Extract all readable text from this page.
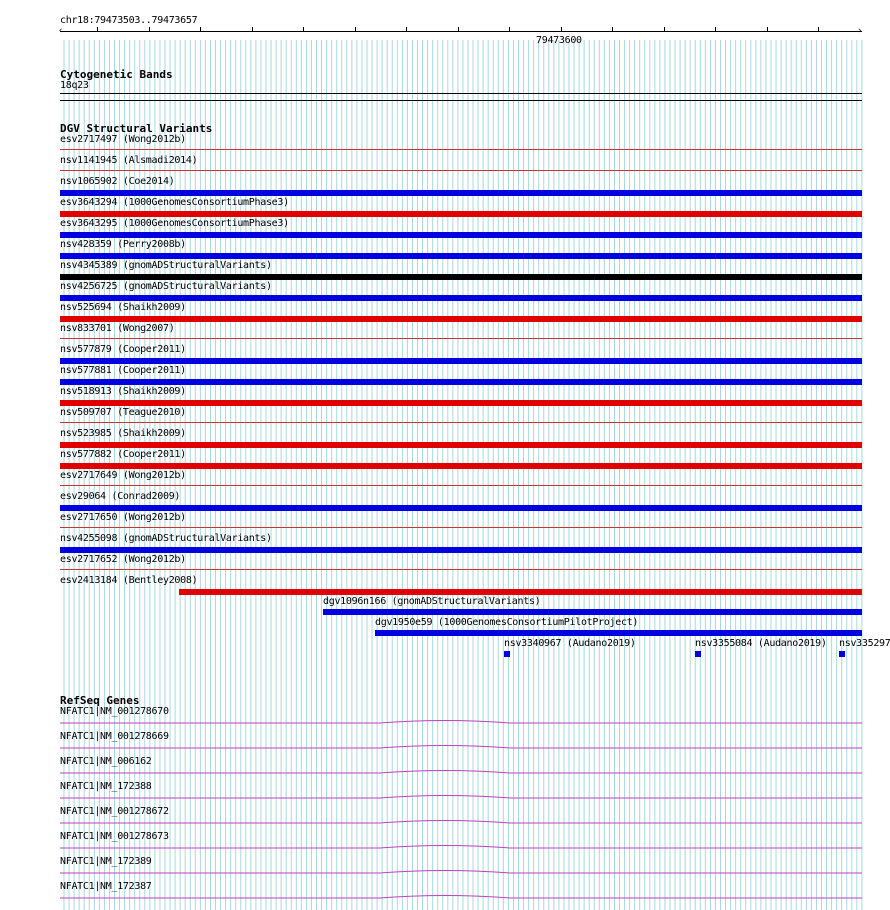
chr18:79473503..79473657
‹	›
79473600
Cytogenetic Bands
18q23
DGV Structural Variants
esv2717497 (Wong2012b)
nsv1141945 (Alsmadi2014)
nsv1065902 (Coe2014)
esv3643294 (1000GenomesConsortiumPhase3)
esv3643295 (1000GenomesConsortiumPhase3)
nsv428359 (Perry2008b)
nsv4345389 (gnomADStructuralVariants)
nsv4256725 (gnomADStructuralVariants)
nsv525694 (Shaikh2009)
nsv833701 (Wong2007)
nsv577879 (Cooper2011)
nsv577881 (Cooper2011)
nsv518913 (Shaikh2009)
nsv509707 (Teague2010)
nsv523985 (Shaikh2009)
nsv577882 (Cooper2011)
esv2717649 (Wong2012b)
esv29064 (Conrad2009)
esv2717650 (Wong2012b)
nsv4255098 (gnomADStructuralVariants)
esv2717652 (Wong2012b)
esv2413184 (Bentley2008)
dgv1096n166 (gnomADStructuralVariants)
dgv1950e59 (1000GenomesConsortiumPilotProject)
nsv3340967 (Audano2019)	nsv3355084 (Audano2019) nsv335297
RefSeq Genes
NFATC1|NM_001278670
NFATC1|NM_001278669
NFATC1|NM_006162
NFATC1|NM_172388
NFATC1|NM_001278672
NFATC1|NM_001278673
NFATC1|NM_172389
NFATC1|NM_172387
